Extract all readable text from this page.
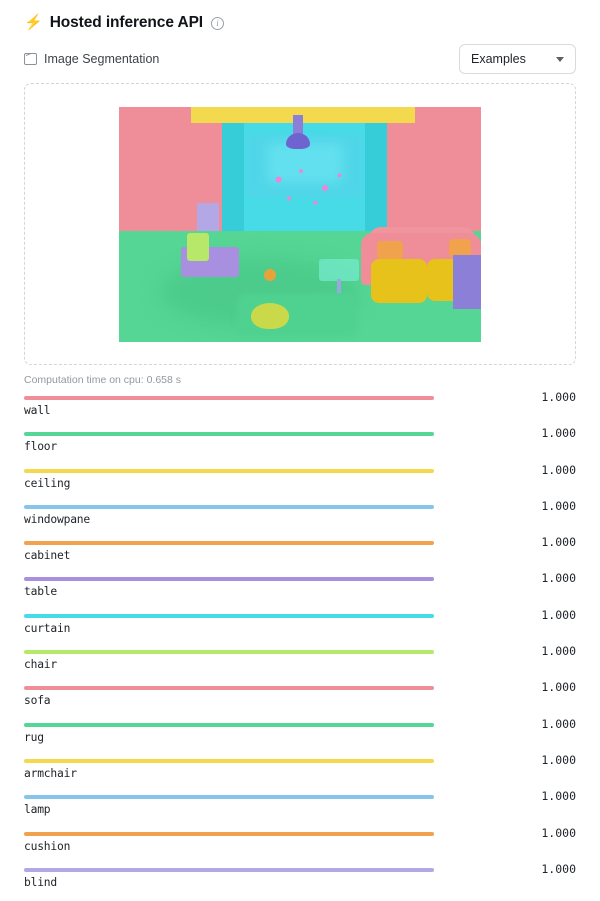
⚡ Hosted inference API	i
Image Segmentation	Examples
Computation time on cpu: 0.658 s
wall
1.000
floor
1.000
ceiling
1.000
windowpane
1.000
cabinet
1.000
table
1.000
curtain
1.000
chair
1.000
sofa
1.000
rug
1.000
armchair
1.000
lamp
1.000
cushion
1.000
blind
1.000
